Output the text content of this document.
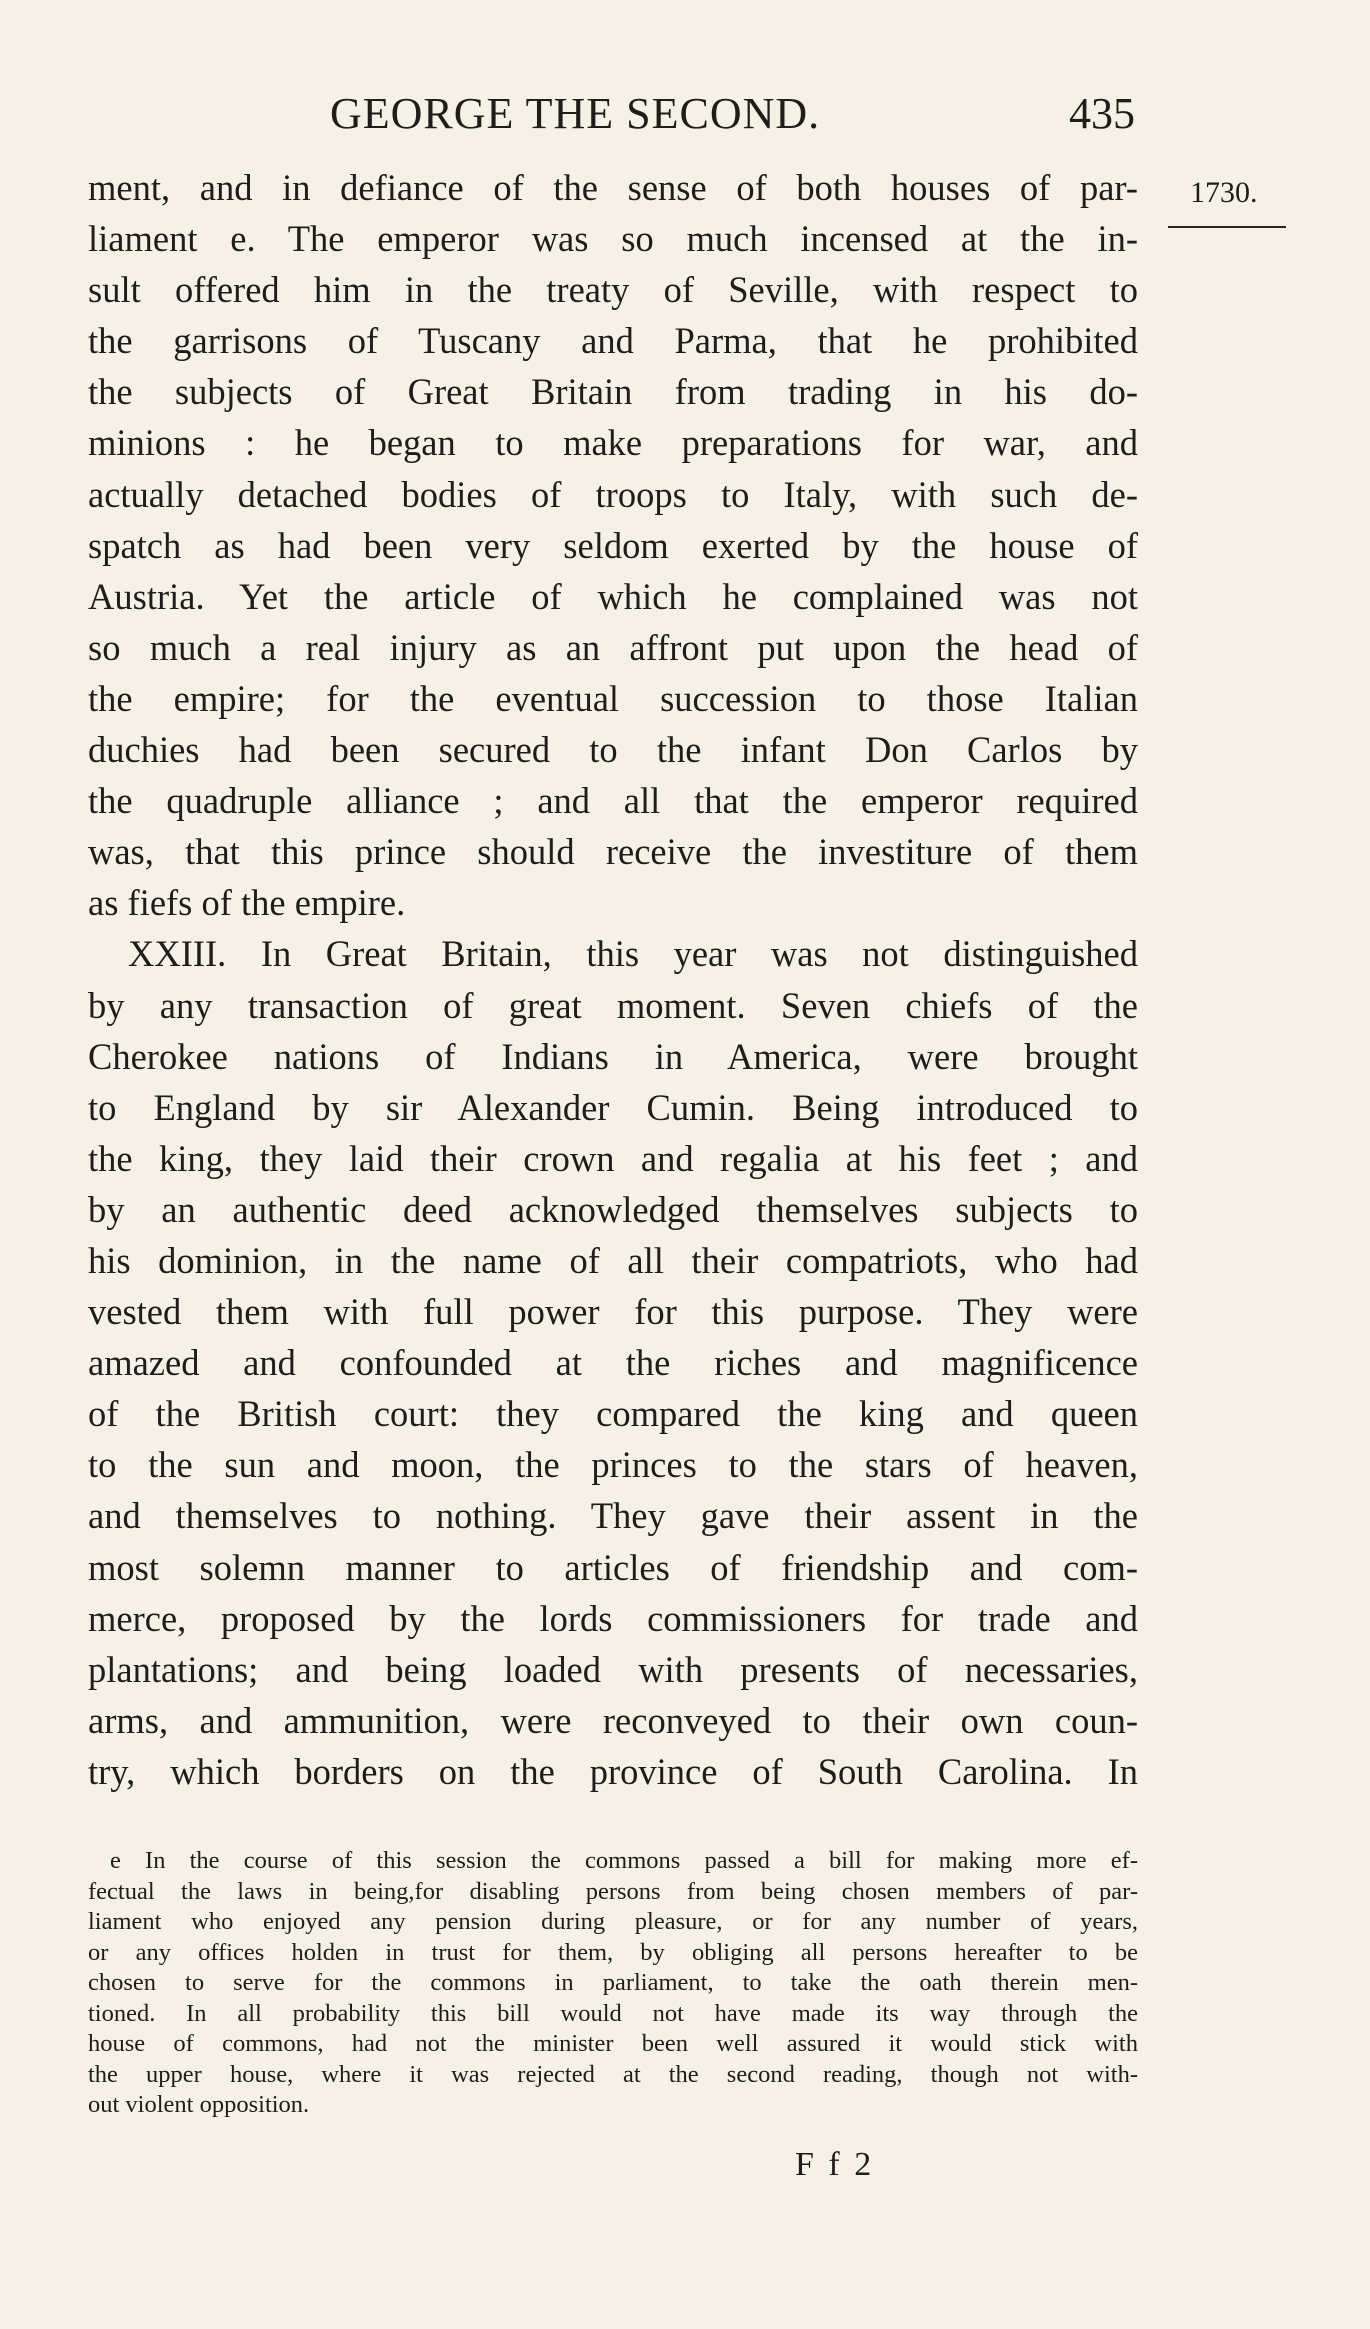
GEORGE THE SECOND.	435
1730.
ment, and in defiance of the sense of both houses of par-
liament e. The emperor was so much incensed at the in-
sult offered him in the treaty of Seville, with respect to
the garrisons of Tuscany and Parma, that he prohibited
the subjects of Great Britain from trading in his do-
minions : he began to make preparations for war, and
actually detached bodies of troops to Italy, with such de-
spatch as had been very seldom exerted by the house of
Austria. Yet the article of which he complained was not
so much a real injury as an affront put upon the head of
the empire; for the eventual succession to those Italian
duchies had been secured to the infant Don Carlos by
the quadruple alliance ; and all that the emperor required
was, that this prince should receive the investiture of them
as fiefs of the empire.
XXIII. In Great Britain, this year was not distinguished
by any transaction of great moment. Seven chiefs of the
Cherokee nations of Indians in America, were brought
to England by sir Alexander Cumin. Being introduced to
the king, they laid their crown and regalia at his feet ; and
by an authentic deed acknowledged themselves subjects to
his dominion, in the name of all their compatriots, who had
vested them with full power for this purpose. They were
amazed and confounded at the riches and magnificence
of the British court: they compared the king and queen
to the sun and moon, the princes to the stars of heaven,
and themselves to nothing. They gave their assent in the
most solemn manner to articles of friendship and com-
merce, proposed by the lords commissioners for trade and
plantations; and being loaded with presents of necessaries,
arms, and ammunition, were reconveyed to their own coun-
try, which borders on the province of South Carolina. In
e In the course of this session the commons passed a bill for making more ef-
fectual the laws in being,for disabling persons from being chosen members of par-
liament who enjoyed any pension during pleasure, or for any number of years,
or any offices holden in trust for them, by obliging all persons hereafter to be
chosen to serve for the commons in parliament, to take the oath therein men-
tioned. In all probability this bill would not have made its way through the
house of commons, had not the minister been well assured it would stick with
the upper house, where it was rejected at the second reading, though not with-
out violent opposition.
F f 2
